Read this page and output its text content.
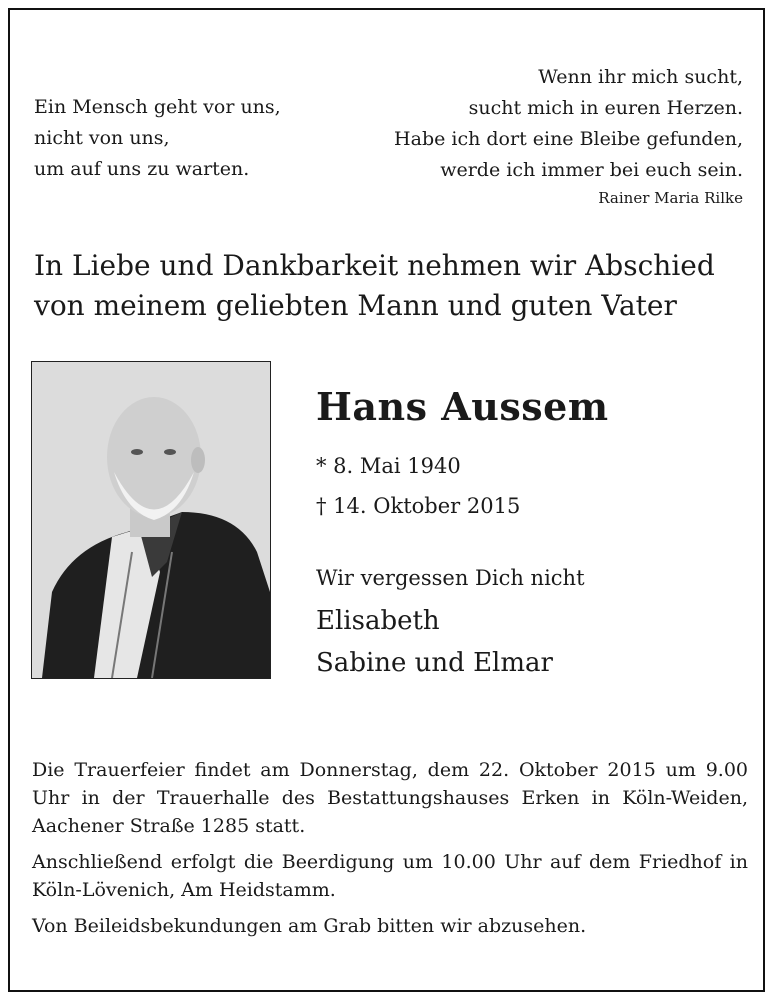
Ein Mensch geht vor uns,
nicht von uns,
um auf uns zu warten.
Wenn ihr mich sucht,
sucht mich in euren Herzen.
Habe ich dort eine Bleibe gefunden,
werde ich immer bei euch sein.
Rainer Maria Rilke
In Liebe und Dankbarkeit nehmen wir Abschied
von meinem geliebten Mann und guten Vater
Hans Aussem
* 8. Mai 1940
† 14. Oktober 2015
Wir vergessen Dich nicht
Elisabeth
Sabine und Elmar

Die Trauerfeier findet am Donnerstag, dem 22. Oktober 2015 um 9.00 Uhr in der Trauerhalle des Bestattungshauses Erken in Köln-Weiden, Aachener Straße 1285 statt.

Anschließend erfolgt die Beerdigung um 10.00 Uhr auf dem Friedhof in Köln-Lövenich, Am Heidstamm.

Von Beileidsbekundungen am Grab bitten wir abzusehen.
